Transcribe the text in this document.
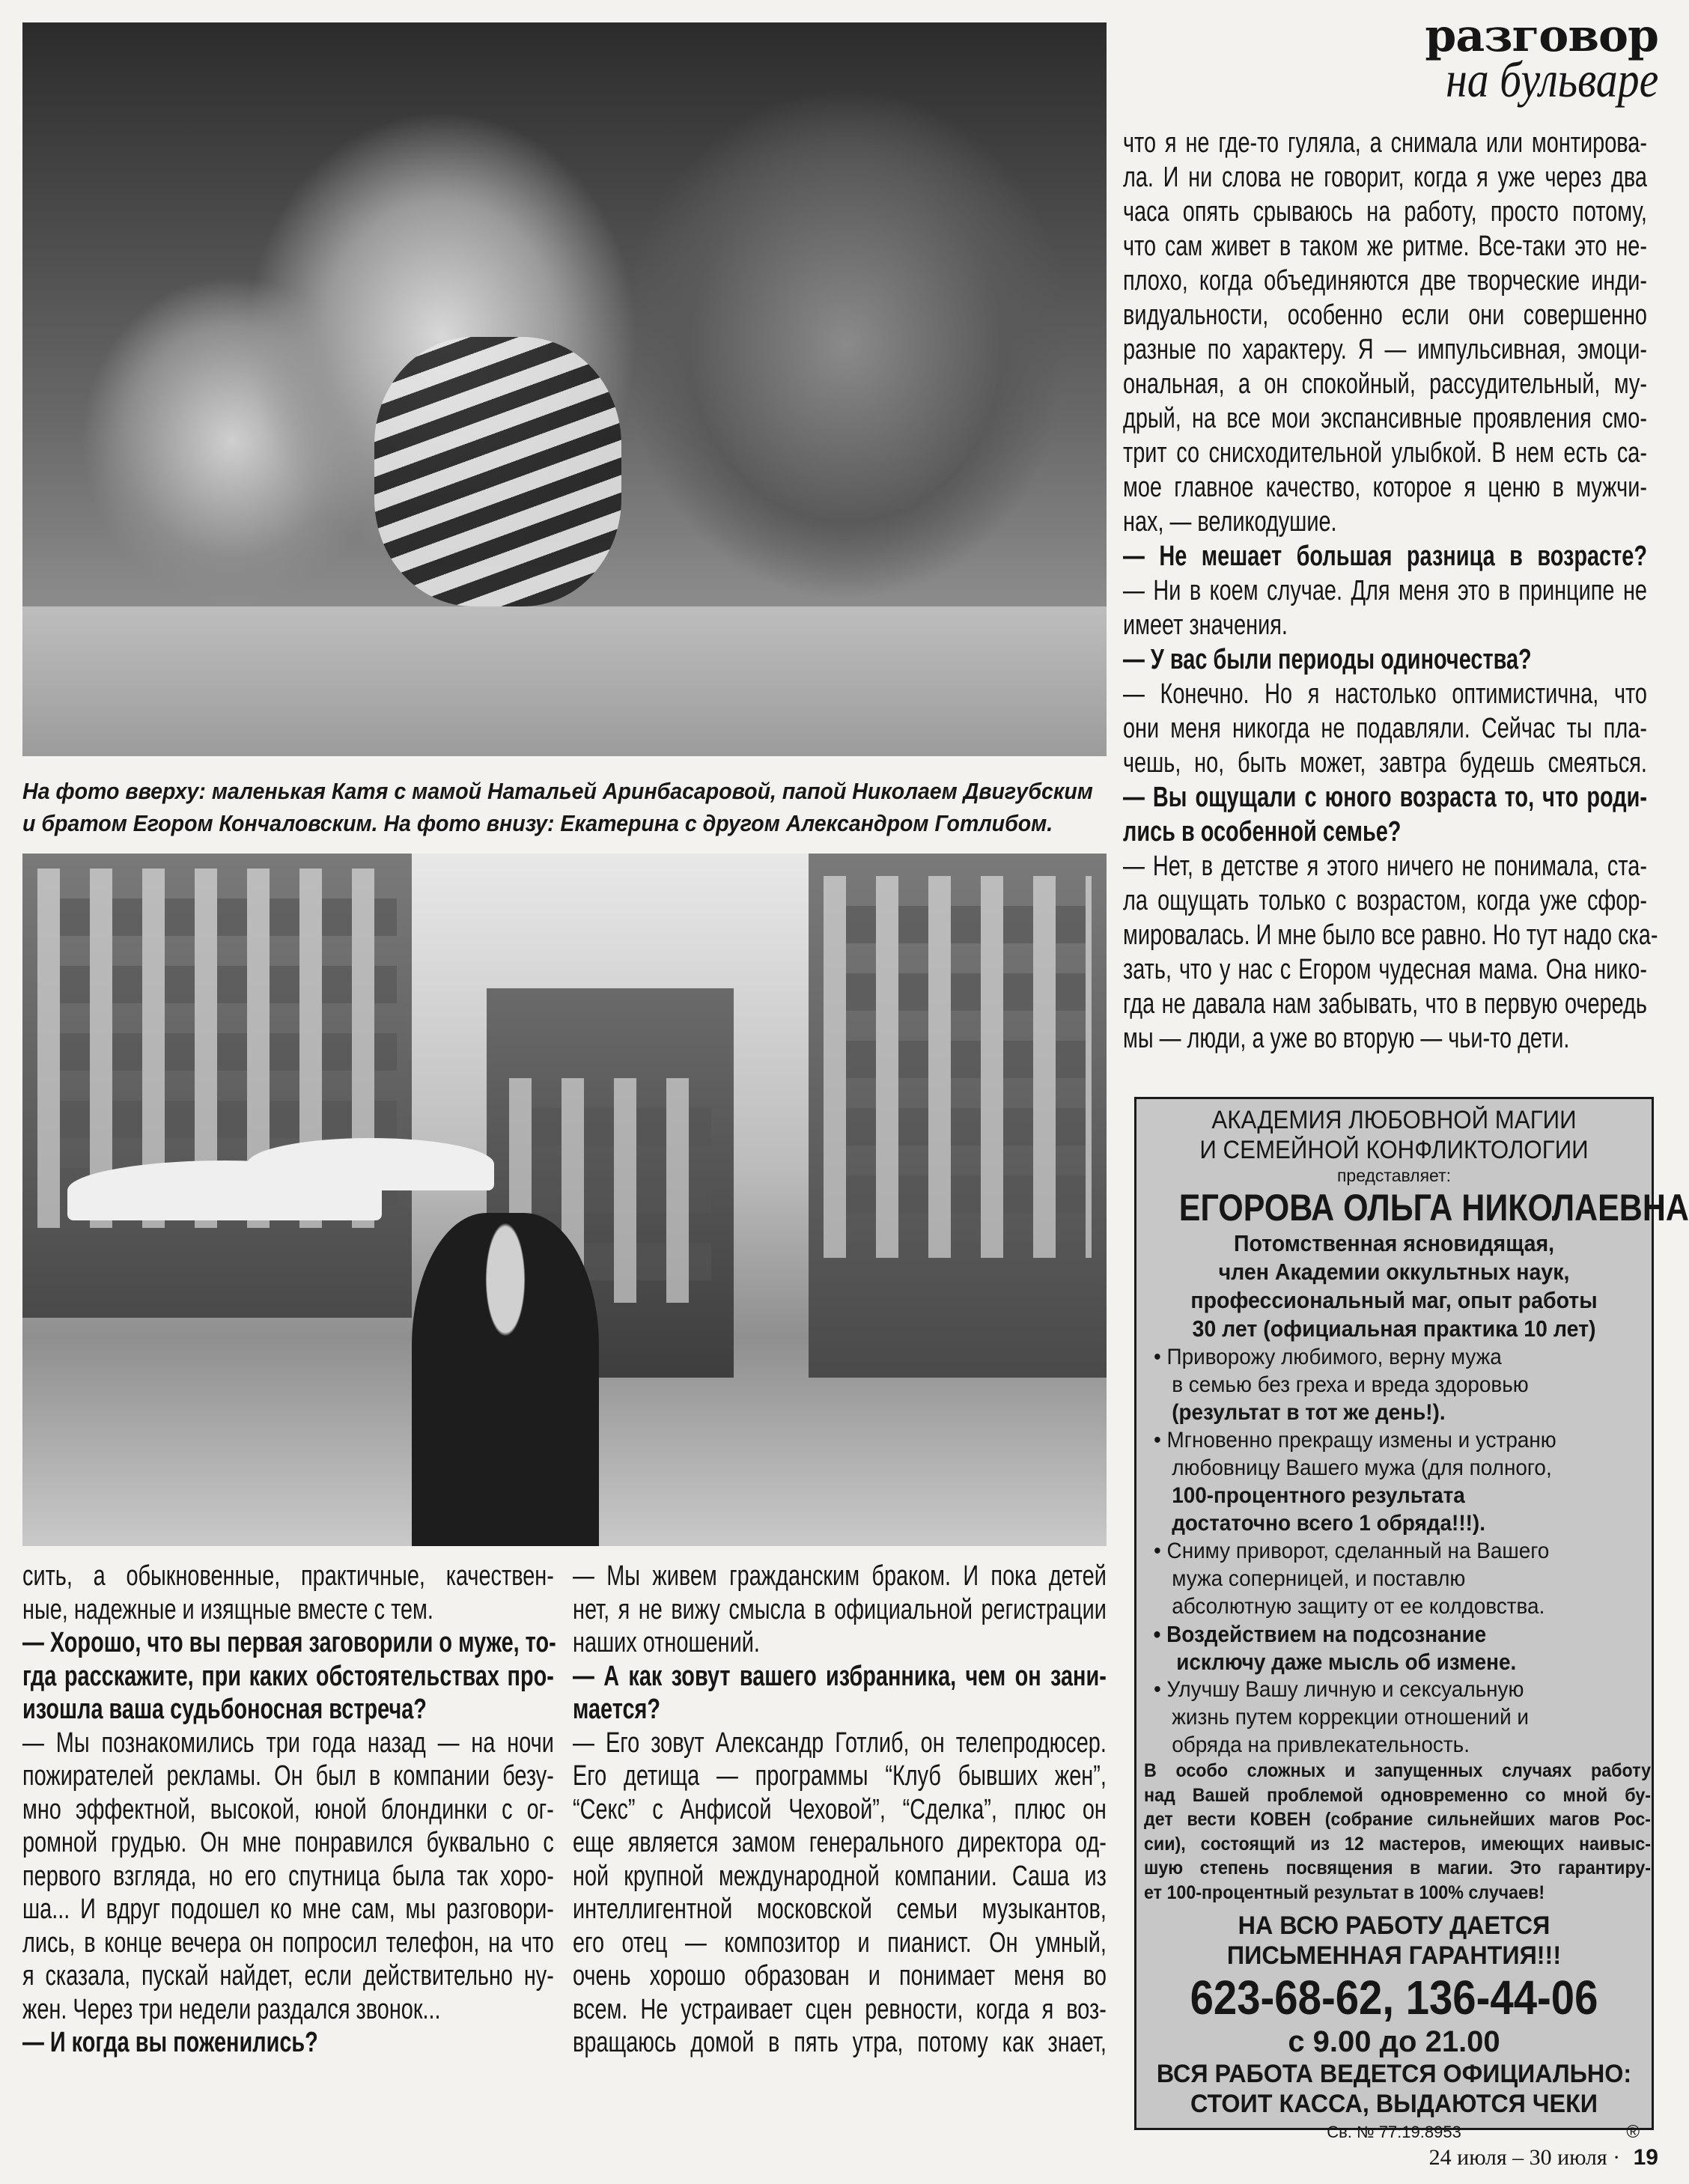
На фото вверху: маленькая Катя с мамой Натальей Аринбасаровой, папой Николаем Двигубским
и братом Егором Кончаловским. На фото внизу: Екатерина с другом Александром Готлибом.
разговор
на бульваре
что я не где-то гуляла, а снимала или монтирова-
ла. И ни слова не говорит, когда я уже через два
часа опять срываюсь на работу, просто потому,
что сам живет в таком же ритме. Все-таки это не-
плохо, когда объединяются две творческие инди-
видуальности, особенно если они совершенно
разные по характеру. Я — импульсивная, эмоци-
ональная, а он спокойный, рассудительный, му-
дрый, на все мои экспансивные проявления смо-
трит со снисходительной улыбкой. В нем есть са-
мое главное качество, которое я ценю в мужчи-
нах, — великодушие.
— Не мешает большая разница в возрасте?
— Ни в коем случае. Для меня это в принципе не
имеет значения.
— У вас были периоды одиночества?
— Конечно. Но я настолько оптимистична, что
они меня никогда не подавляли. Сейчас ты пла-
чешь, но, быть может, завтра будешь смеяться.
— Вы ощущали с юного возраста то, что роди-
лись в особенной семье?
— Нет, в детстве я этого ничего не понимала, ста-
ла ощущать только с возрастом, когда уже сфор-
мировалась. И мне было все равно. Но тут надо ска-
зать, что у нас с Егором чудесная мама. Она нико-
гда не давала нам забывать, что в первую очередь
мы — люди, а уже во вторую — чьи-то дети.
сить, а обыкновенные, практичные, качествен-
ные, надежные и изящные вместе с тем.
— Хорошо, что вы первая заговорили о муже, то-
гда расскажите, при каких обстоятельствах про-
изошла ваша судьбоносная встреча?
— Мы познакомились три года назад — на ночи
пожирателей рекламы. Он был в компании безу-
мно эффектной, высокой, юной блондинки с ог-
ромной грудью. Он мне понравился буквально с
первого взгляда, но его спутница была так хоро-
ша... И вдруг подошел ко мне сам, мы разговори-
лись, в конце вечера он попросил телефон, на что
я сказала, пускай найдет, если действительно ну-
жен. Через три недели раздался звонок...
— И когда вы поженились?
— Мы живем гражданским браком. И пока детей
нет, я не вижу смысла в официальной регистрации
наших отношений.
— А как зовут вашего избранника, чем он зани-
мается?
— Его зовут Александр Готлиб, он телепродюсер.
Его детища — программы “Клуб бывших жен”,
“Секс” с Анфисой Чеховой”, “Сделка”, плюс он
еще является замом генерального директора од-
ной крупной международной компании. Саша из
интеллигентной московской семьи музыкантов,
его отец — композитор и пианист. Он умный,
очень хорошо образован и понимает меня во
всем. Не устраивает сцен ревности, когда я воз-
вращаюсь домой в пять утра, потому как знает,
АКАДЕМИЯ ЛЮБОВНОЙ МАГИИ
И СЕМЕЙНОЙ КОНФЛИКТОЛОГИИ
представляет:
ЕГОРОВА ОЛЬГА НИКОЛАЕВНА
Потомственная ясновидящая,
член Академии оккультных наук,
профессиональный маг, опыт работы
30 лет (официальная практика 10 лет)
• Приворожу любимого, верну мужа
в семью без греха и вреда здоровью
(результат в тот же день!).
• Мгновенно прекращу измены и устраню
любовницу Вашего мужа (для полного,
100-процентного результата
достаточно всего 1 обряда!!!).
• Сниму приворот, сделанный на Вашего
мужа соперницей, и поставлю
абсолютную защиту от ее колдовства.
• Воздействием на подсознание
исключу даже мысль об измене.
• Улучшу Вашу личную и сексуальную
жизнь путем коррекции отношений и
обряда на привлекательность.
В особо сложных и запущенных случаях работу
над Вашей проблемой одновременно со мной бу-
дет вести КОВЕН (собрание сильнейших магов Рос-
сии), состоящий из 12 мастеров, имеющих наивыс-
шую степень посвящения в магии. Это гарантиру-
ет 100-процентный результат в 100% случаев!
НА ВСЮ РАБОТУ ДАЕТСЯ
ПИСЬМЕННАЯ ГАРАНТИЯ!!!
623-68-62, 136-44-06
с 9.00 до 21.00
ВСЯ РАБОТА ВЕДЕТСЯ ОФИЦИАЛЬНО:
СТОИТ КАССА, ВЫДАЮТСЯ ЧЕКИ
Св. № 77:19:8953	®
24 июля – 30 июля · 19
